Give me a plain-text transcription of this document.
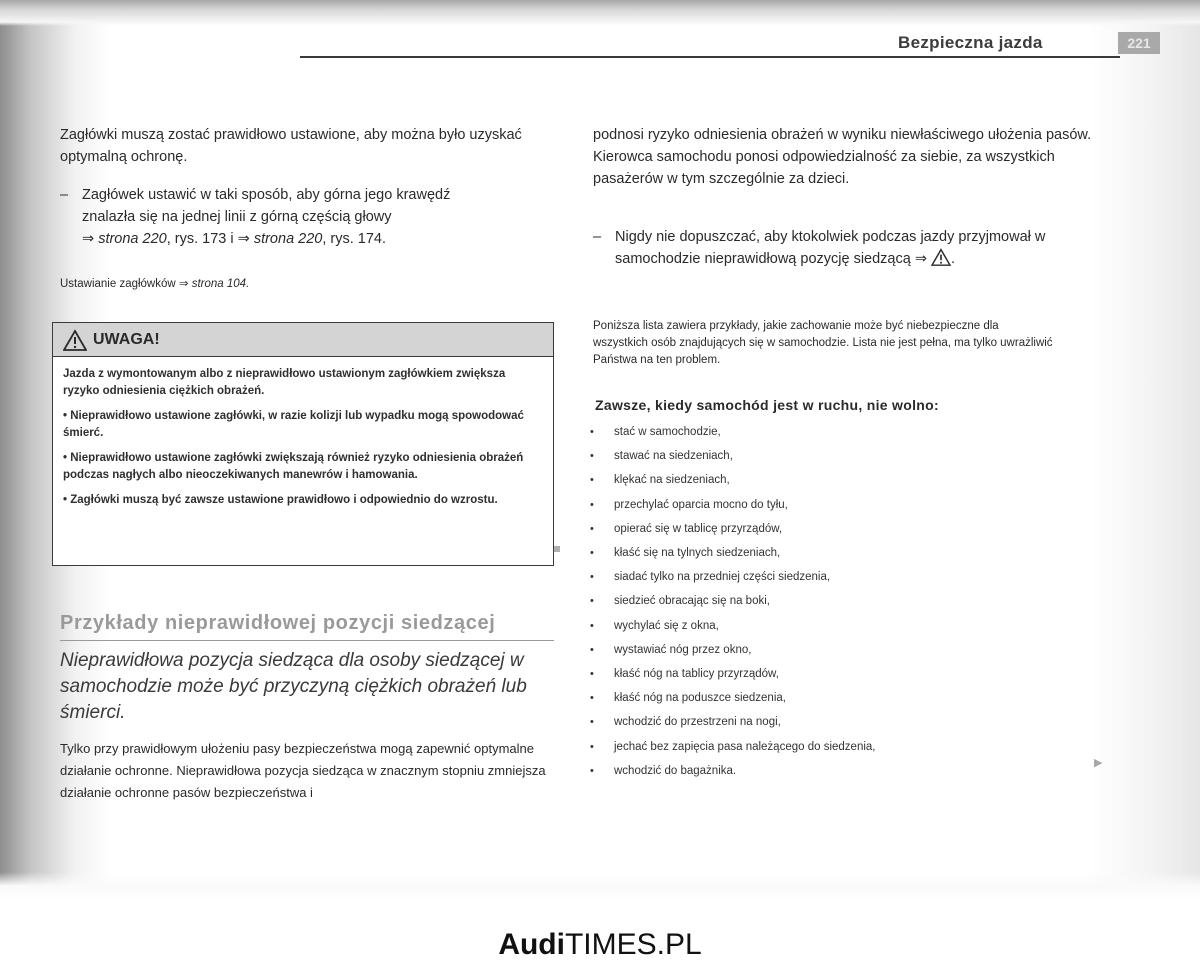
Bezpieczna jazda	221
Zagłówki muszą zostać prawidłowo ustawione, aby można było uzyskać optymalną ochronę.
– Zagłówek ustawić w taki sposób, aby górna jego krawędź
znalazła się na jednej linii z górną częścią głowy
⇒ strona 220, rys. 173 i ⇒ strona 220, rys. 174.
Ustawianie zagłówków ⇒ strona 104.
UWAGA!

Jazda z wymontowanym albo z nieprawidłowo ustawionym zagłówkiem zwiększa ryzyko odniesienia ciężkich obrażeń.

• Nieprawidłowo ustawione zagłówki, w razie kolizji lub wypadku mogą spowodować śmierć.

• Nieprawidłowo ustawione zagłówki zwiększają również ryzyko odniesienia obrażeń podczas nagłych albo nieoczekiwanych manewrów i hamowania.

• Zagłówki muszą być zawsze ustawione prawidłowo i odpowiednio do wzrostu.

Przykłady nieprawidłowej pozycji siedzącej
Nieprawidłowa pozycja siedząca dla osoby siedzącej w samochodzie może być przyczyną ciężkich obrażeń lub śmierci.
Tylko przy prawidłowym ułożeniu pasy bezpieczeństwa mogą zapewnić optymalne działanie ochronne. Nieprawidłowa pozycja siedząca w znacznym stopniu zmniejsza działanie ochronne pasów bezpieczeństwa i
podnosi ryzyko odniesienia obrażeń w wyniku niewłaściwego ułożenia pasów. Kierowca samochodu ponosi odpowiedzialność za siebie, za wszystkich pasażerów w tym szczególnie za dzieci.
– Nigdy nie dopuszczać, aby ktokolwiek podczas jazdy przyjmował w samochodzie nieprawidłową pozycję siedzącą ⇒ .
Poniższa lista zawiera przykłady, jakie zachowanie może być niebezpieczne dla wszystkich osób znajdujących się w samochodzie. Lista nie jest pełna, ma tylko uwrażliwić Państwa na ten problem.
Zawsze, kiedy samochód jest w ruchu, nie wolno:
•	stać w samochodzie,
•	stawać na siedzeniach,
•	klękać na siedzeniach,
•	przechylać oparcia mocno do tyłu,
•	opierać się w tablicę przyrządów,
•	kłaść się na tylnych siedzeniach,
•	siadać tylko na przedniej części siedzenia,
•	siedzieć obracając się na boki,
•	wychylać się z okna,
•	wystawiać nóg przez okno,
•	kłaść nóg na tablicy przyrządów,
•	kłaść nóg na poduszce siedzenia,
•	wchodzić do przestrzeni na nogi,
•	jechać bez zapięcia pasa należącego do siedzenia,
•	wchodzić do bagażnika.
▶
AudiTIMES.PL
